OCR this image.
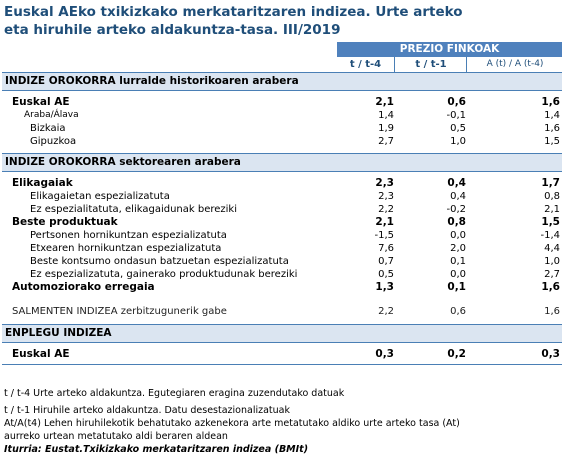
Euskal AEko txikizkako merkataritzaren indizea. Urte arteko
eta hiruhile arteko aldakuntza-tasa. III/2019
PREZIO FINKOAK
t / t-4	t / t-1	A (t) / A (t-4)
INDIZE OROKORRA lurralde historikoaren arabera
Euskal AE	2,1	0,6	1,6
Araba/Álava	1,4	-0,1	1,4
Bizkaia	1,9	0,5	1,6
Gipuzkoa	2,7	1,0	1,5
INDIZE OROKORRA sektorearen arabera
Elikagaiak	2,3	0,4	1,7
Elikagaietan espezializatuta	2,3	0,4	0,8
Ez espezialitatuta, elikagaidunak bereziki	2,2	-0,2	2,1
Beste produktuak	2,1	0,8	1,5
Pertsonen hornikuntzan espezializatuta	-1,5	0,0	-1,4
Etxearen hornikuntzan espezializatuta	7,6	2,0	4,4
Beste kontsumo ondasun batzuetan espezializatuta	0,7	0,1	1,0
Ez espezializatuta, gainerako produktudunak bereziki	0,5	0,0	2,7
Automoziorako erregaia	1,3	0,1	1,6
SALMENTEN INDIZEA zerbitzugunerik gabe	2,2	0,6	1,6
ENPLEGU INDIZEA
Euskal AE	0,3	0,2	0,3
t / t-4 Urte arteko aldakuntza. Egutegiaren eragina zuzendutako datuak
t / t-1 Hiruhile arteko aldakuntza. Datu desestazionalizatuak
At/A(t4) Lehen hiruhilekotik behatutako azkenekora arte metatutako aldiko urte arteko tasa (At)
aurreko urtean metatutako aldi beraren aldean
Iturria: Eustat.Txikizkako merkataritzaren indizea (BMIt)
